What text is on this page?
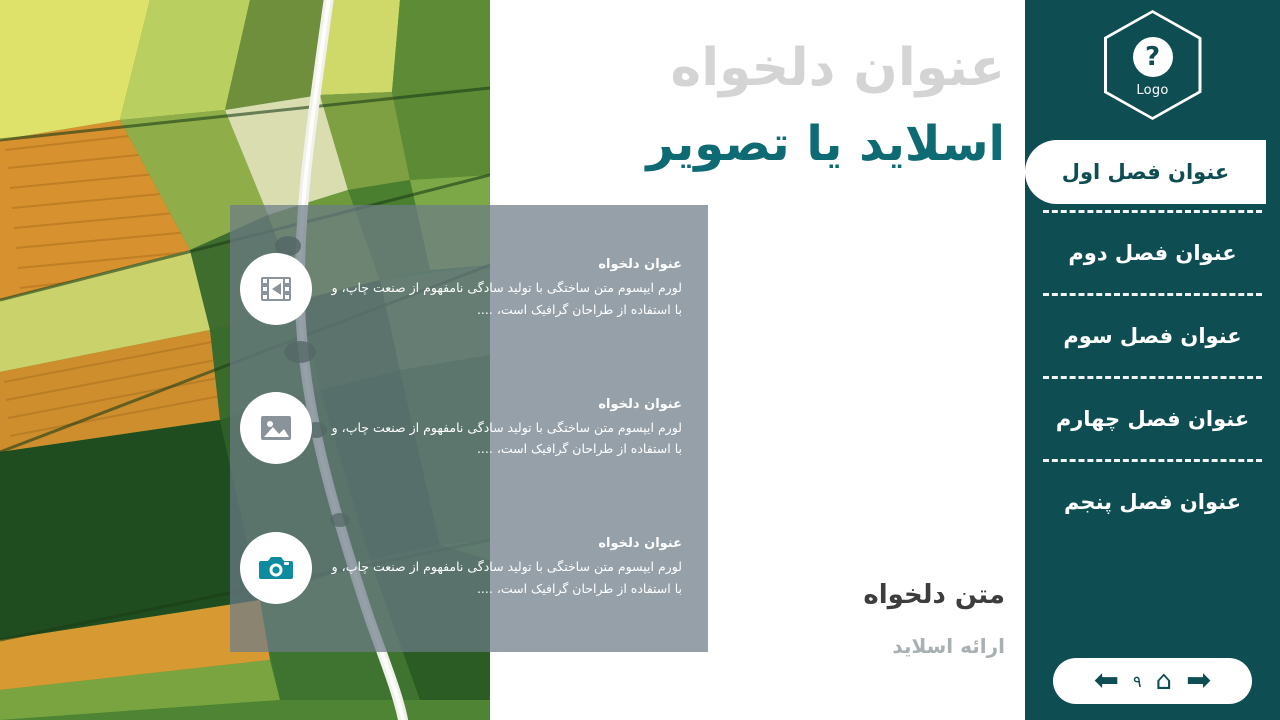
عنوان دلخواه
لورم ایپسوم متن ساختگی با تولید سادگی نامفهوم از صنعت چاپ، و با استفاده از طراحان گرافیک است، ....
عنوان دلخواه
لورم ایپسوم متن ساختگی با تولید سادگی نامفهوم از صنعت چاپ، و با استفاده از طراحان گرافیک است، ....
عنوان دلخواه
لورم ایپسوم متن ساختگی با تولید سادگی نامفهوم از صنعت چاپ، و با استفاده از طراحان گرافیک است، ....
عنوان دلخواه
اسلاید یا تصویر
متن دلخواه
ارائه اسلاید
?
Logo
عنوان فصل اول
عنوان فصل دوم
عنوان فصل سوم
عنوان فصل چهارم
عنوان فصل پنجم
➡
⌂
۹
⬅
